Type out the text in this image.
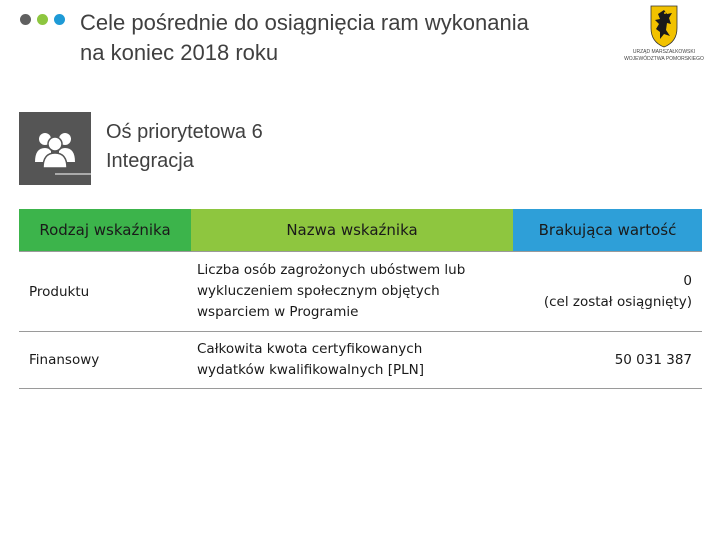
Cele pośrednie do osiągnięcia ram wykonania
na koniec 2018 roku	URZĄD MARSZAŁKOWSKI
WOJEWÓDZTWA POMORSKIEGO
Oś priorytetowa 6
Integracja
Rodzaj wskaźnika	Nazwa wskaźnika	Brakująca wartość
Produktu	Liczba osób zagrożonych ubóstwem lub
wykluczeniem społecznym objętych
wsparciem w Programie	0
(cel został osiągnięty)

Finansowy	Całkowita kwota certyfikowanych
wydatków kwalifikowalnych [PLN]	50 031 387
